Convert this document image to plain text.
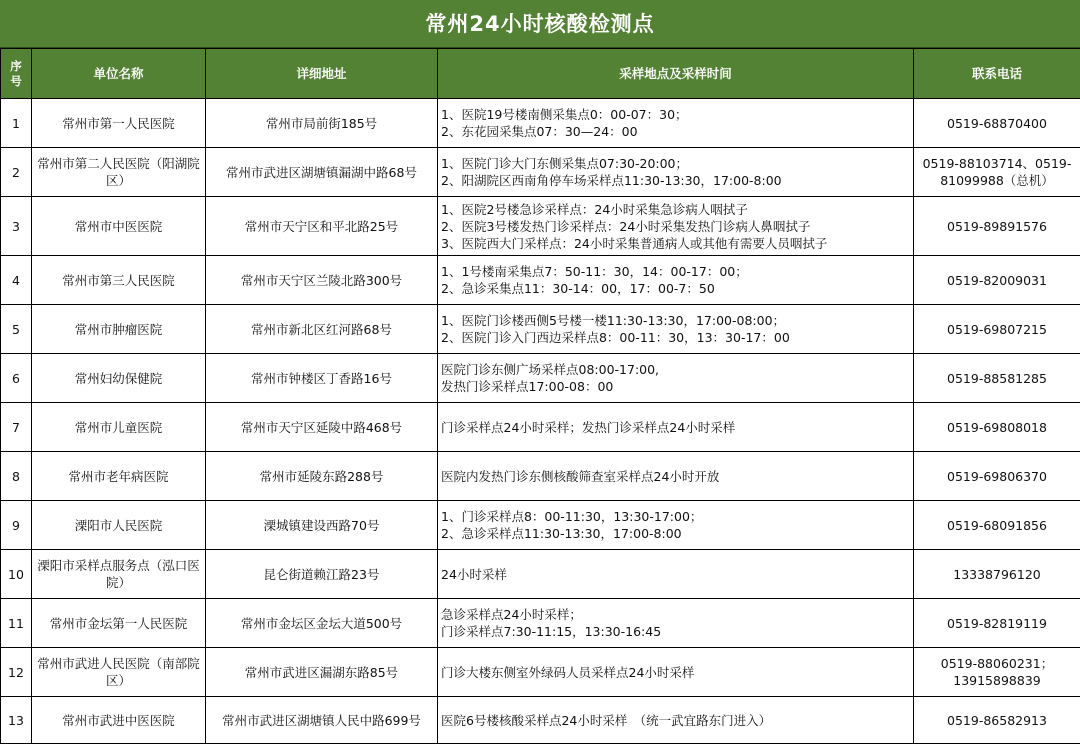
常州24小时核酸检测点
序号	单位名称	详细地址	采样地点及采样时间	联系电话
1	常州市第一人民医院	常州市局前街185号	1、医院19号楼南侧采集点0：00-07：30；
2、东花园采集点07：30—24：00	0519-68870400
2	常州市第二人民医院（阳湖院区）	常州市武进区湖塘镇漏湖中路68号	1、医院门诊大门东侧采集点07:30-20:00；
2、阳湖院区西南角停车场采样点11:30-13:30，17:00-8:00	0519-88103714、0519-81099988（总机）
3	常州市中医医院	常州市天宁区和平北路25号	1、医院2号楼急诊采样点：24小时采集急诊病人咽拭子
2、医院3号楼发热门诊采样点：24小时采集发热门诊病人鼻咽拭子
3、医院西大门采样点：24小时采集普通病人或其他有需要人员咽拭子	0519-89891576
4	常州市第三人民医院	常州市天宁区兰陵北路300号	1、1号楼南采集点7：50-11：30，14：00-17：00；
2、急诊采集点11：30-14：00，17：00-7：50	0519-82009031
5	常州市肿瘤医院	常州市新北区红河路68号	1、医院门诊楼西侧5号楼一楼11:30-13:30，17:00-08:00；
2、医院门诊入门西边采样点8：00-11：30，13：30-17：00	0519-69807215
6	常州妇幼保健院	常州市钟楼区丁香路16号	医院门诊东侧广场采样点08:00-17:00,
发热门诊采样点17:00-08：00	0519-88581285
7	常州市儿童医院	常州市天宁区延陵中路468号	门诊采样点24小时采样；发热门诊采样点24小时采样	0519-69808018
8	常州市老年病医院	常州市延陵东路288号	医院内发热门诊东侧核酸筛查室采样点24小时开放	0519-69806370
9	溧阳市人民医院	溧城镇建设西路70号	1、门诊采样点8：00-11:30，13:30-17:00；
2、急诊采样点11:30-13:30，17:00-8:00	0519-68091856
10	溧阳市采样点服务点（泓口医院）	昆仑街道赖江路23号	24小时采样	13338796120
11	常州市金坛第一人民医院	常州市金坛区金坛大道500号	急诊采样点24小时采样；
门诊采样点7:30-11:15，13:30-16:45	0519-82819119
12	常州市武进人民医院（南部院区）	常州市武进区漏湖东路85号	门诊大楼东侧室外绿码人员采样点24小时采样	0519-88060231；13915898839
13	常州市武进中医医院	常州市武进区湖塘镇人民中路699号	医院6号楼核酸采样点24小时采样　（统一武宜路东门进入）	0519-86582913
